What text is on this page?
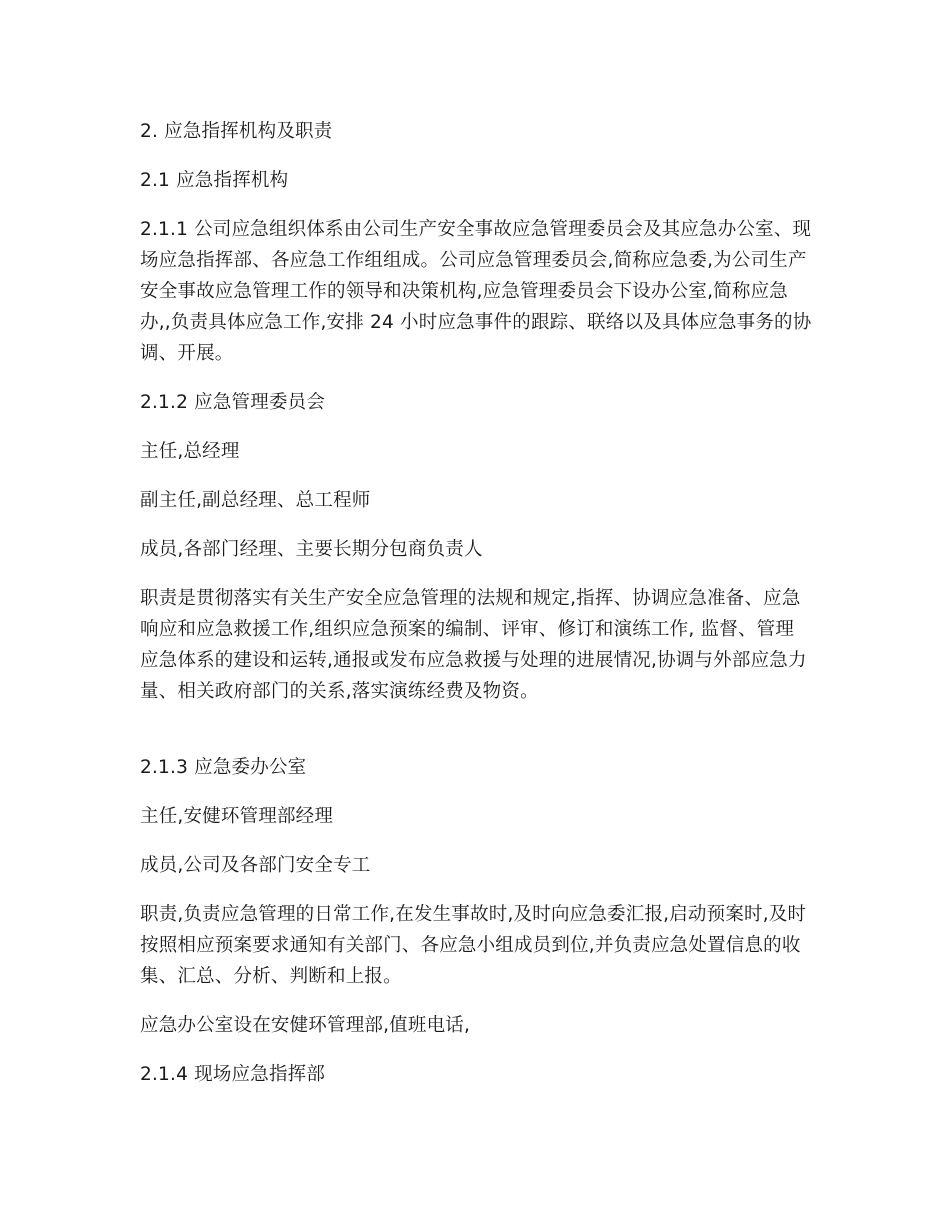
2. 应急指挥机构及职责

2.1 应急指挥机构

2.1.1 公司应急组织体系由公司生产安全事故应急管理委员会及其应急办公室、现场应急指挥部、各应急工作组组成。公司应急管理委员会,简称应急委,为公司生产安全事故应急管理工作的领导和决策机构,应急管理委员会下设办公室,简称应急办,,负责具体应急工作,安排 24 小时应急事件的跟踪、联络以及具体应急事务的协调、开展。

2.1.2 应急管理委员会

主任,总经理

副主任,副总经理、总工程师

成员,各部门经理、主要长期分包商负责人

职责是贯彻落实有关生产安全应急管理的法规和规定,指挥、协调应急准备、应急响应和应急救援工作,组织应急预案的编制、评审、修订和演练工作, 监督、管理应急体系的建设和运转,通报或发布应急救援与处理的进展情况,协调与外部应急力量、相关政府部门的关系,落实演练经费及物资。

2.1.3 应急委办公室

主任,安健环管理部经理

成员,公司及各部门安全专工

职责,负责应急管理的日常工作,在发生事故时,及时向应急委汇报,启动预案时,及时按照相应预案要求通知有关部门、各应急小组成员到位,并负责应急处置信息的收集、汇总、分析、判断和上报。

应急办公室设在安健环管理部,值班电话,

2.1.4 现场应急指挥部
